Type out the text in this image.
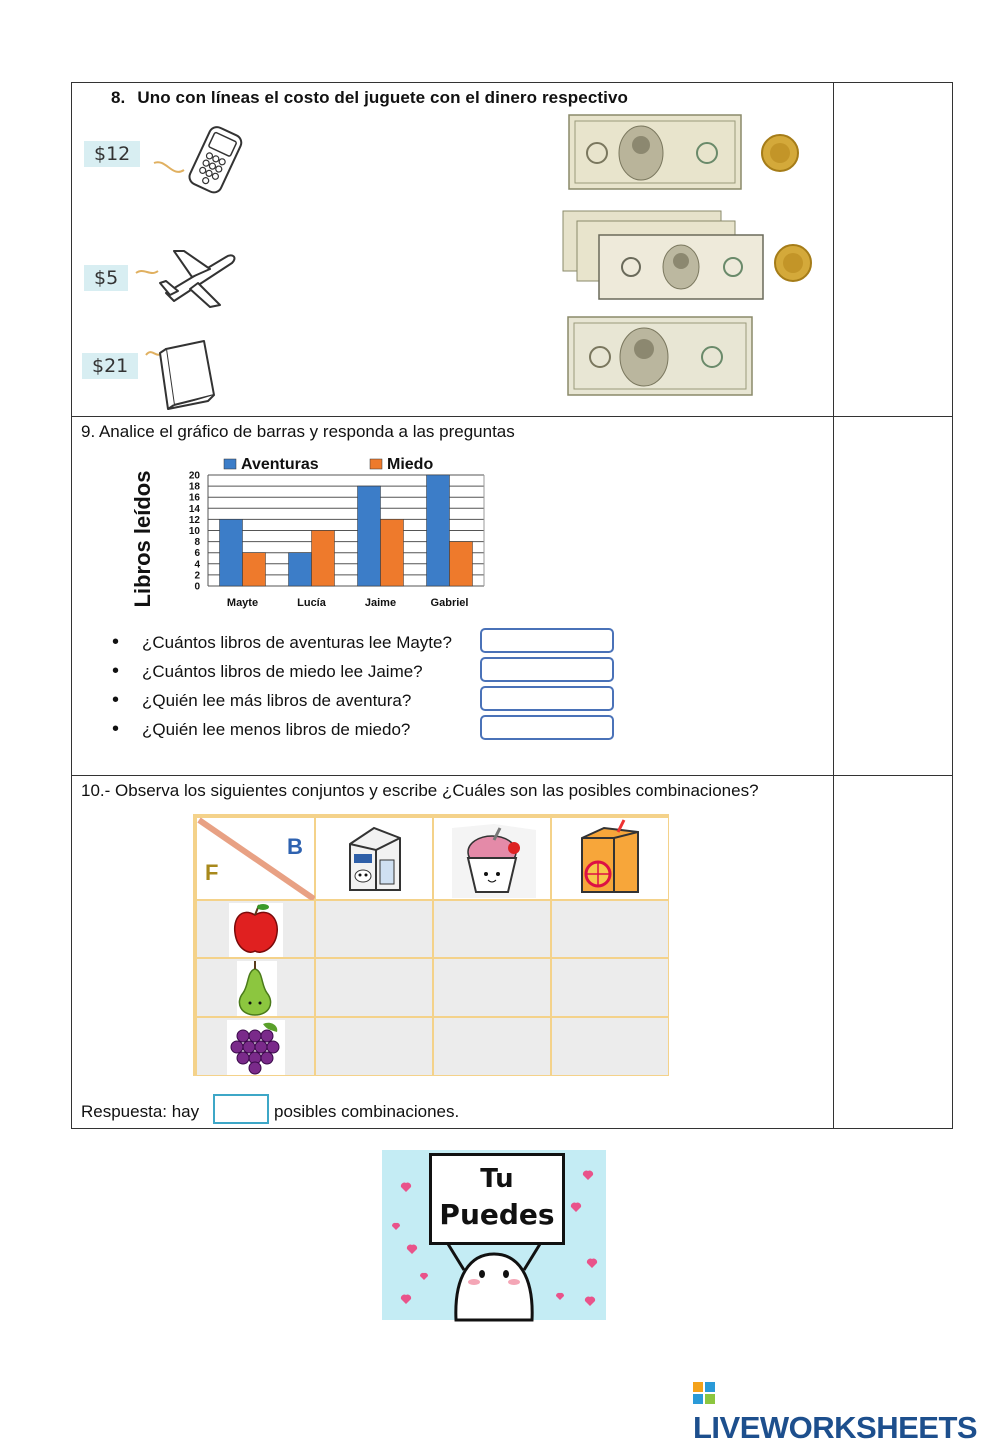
8. Uno con líneas el costo del juguete con el dinero respectivo
$12
$5
$21
9. Analice el gráfico de barras y responda a las preguntas
Aventuras	Miedo
0
2
4
6
8
10
12
14
16
18
20
Mayte	Lucía	Jaime	Gabriel
Libros leídos
• ¿Cuántos libros de aventuras lee Mayte?
• ¿Cuántos libros de miedo lee Jaime?
• ¿Quién lee más libros de aventura?
• ¿Quién lee menos libros de miedo?
10.- Observa los siguientes conjuntos y escribe ¿Cuáles son las posibles combinaciones?
B
F
Respuesta: hay	posibles combinaciones.
Tu
Puedes
LIVEWORKSHEETS
